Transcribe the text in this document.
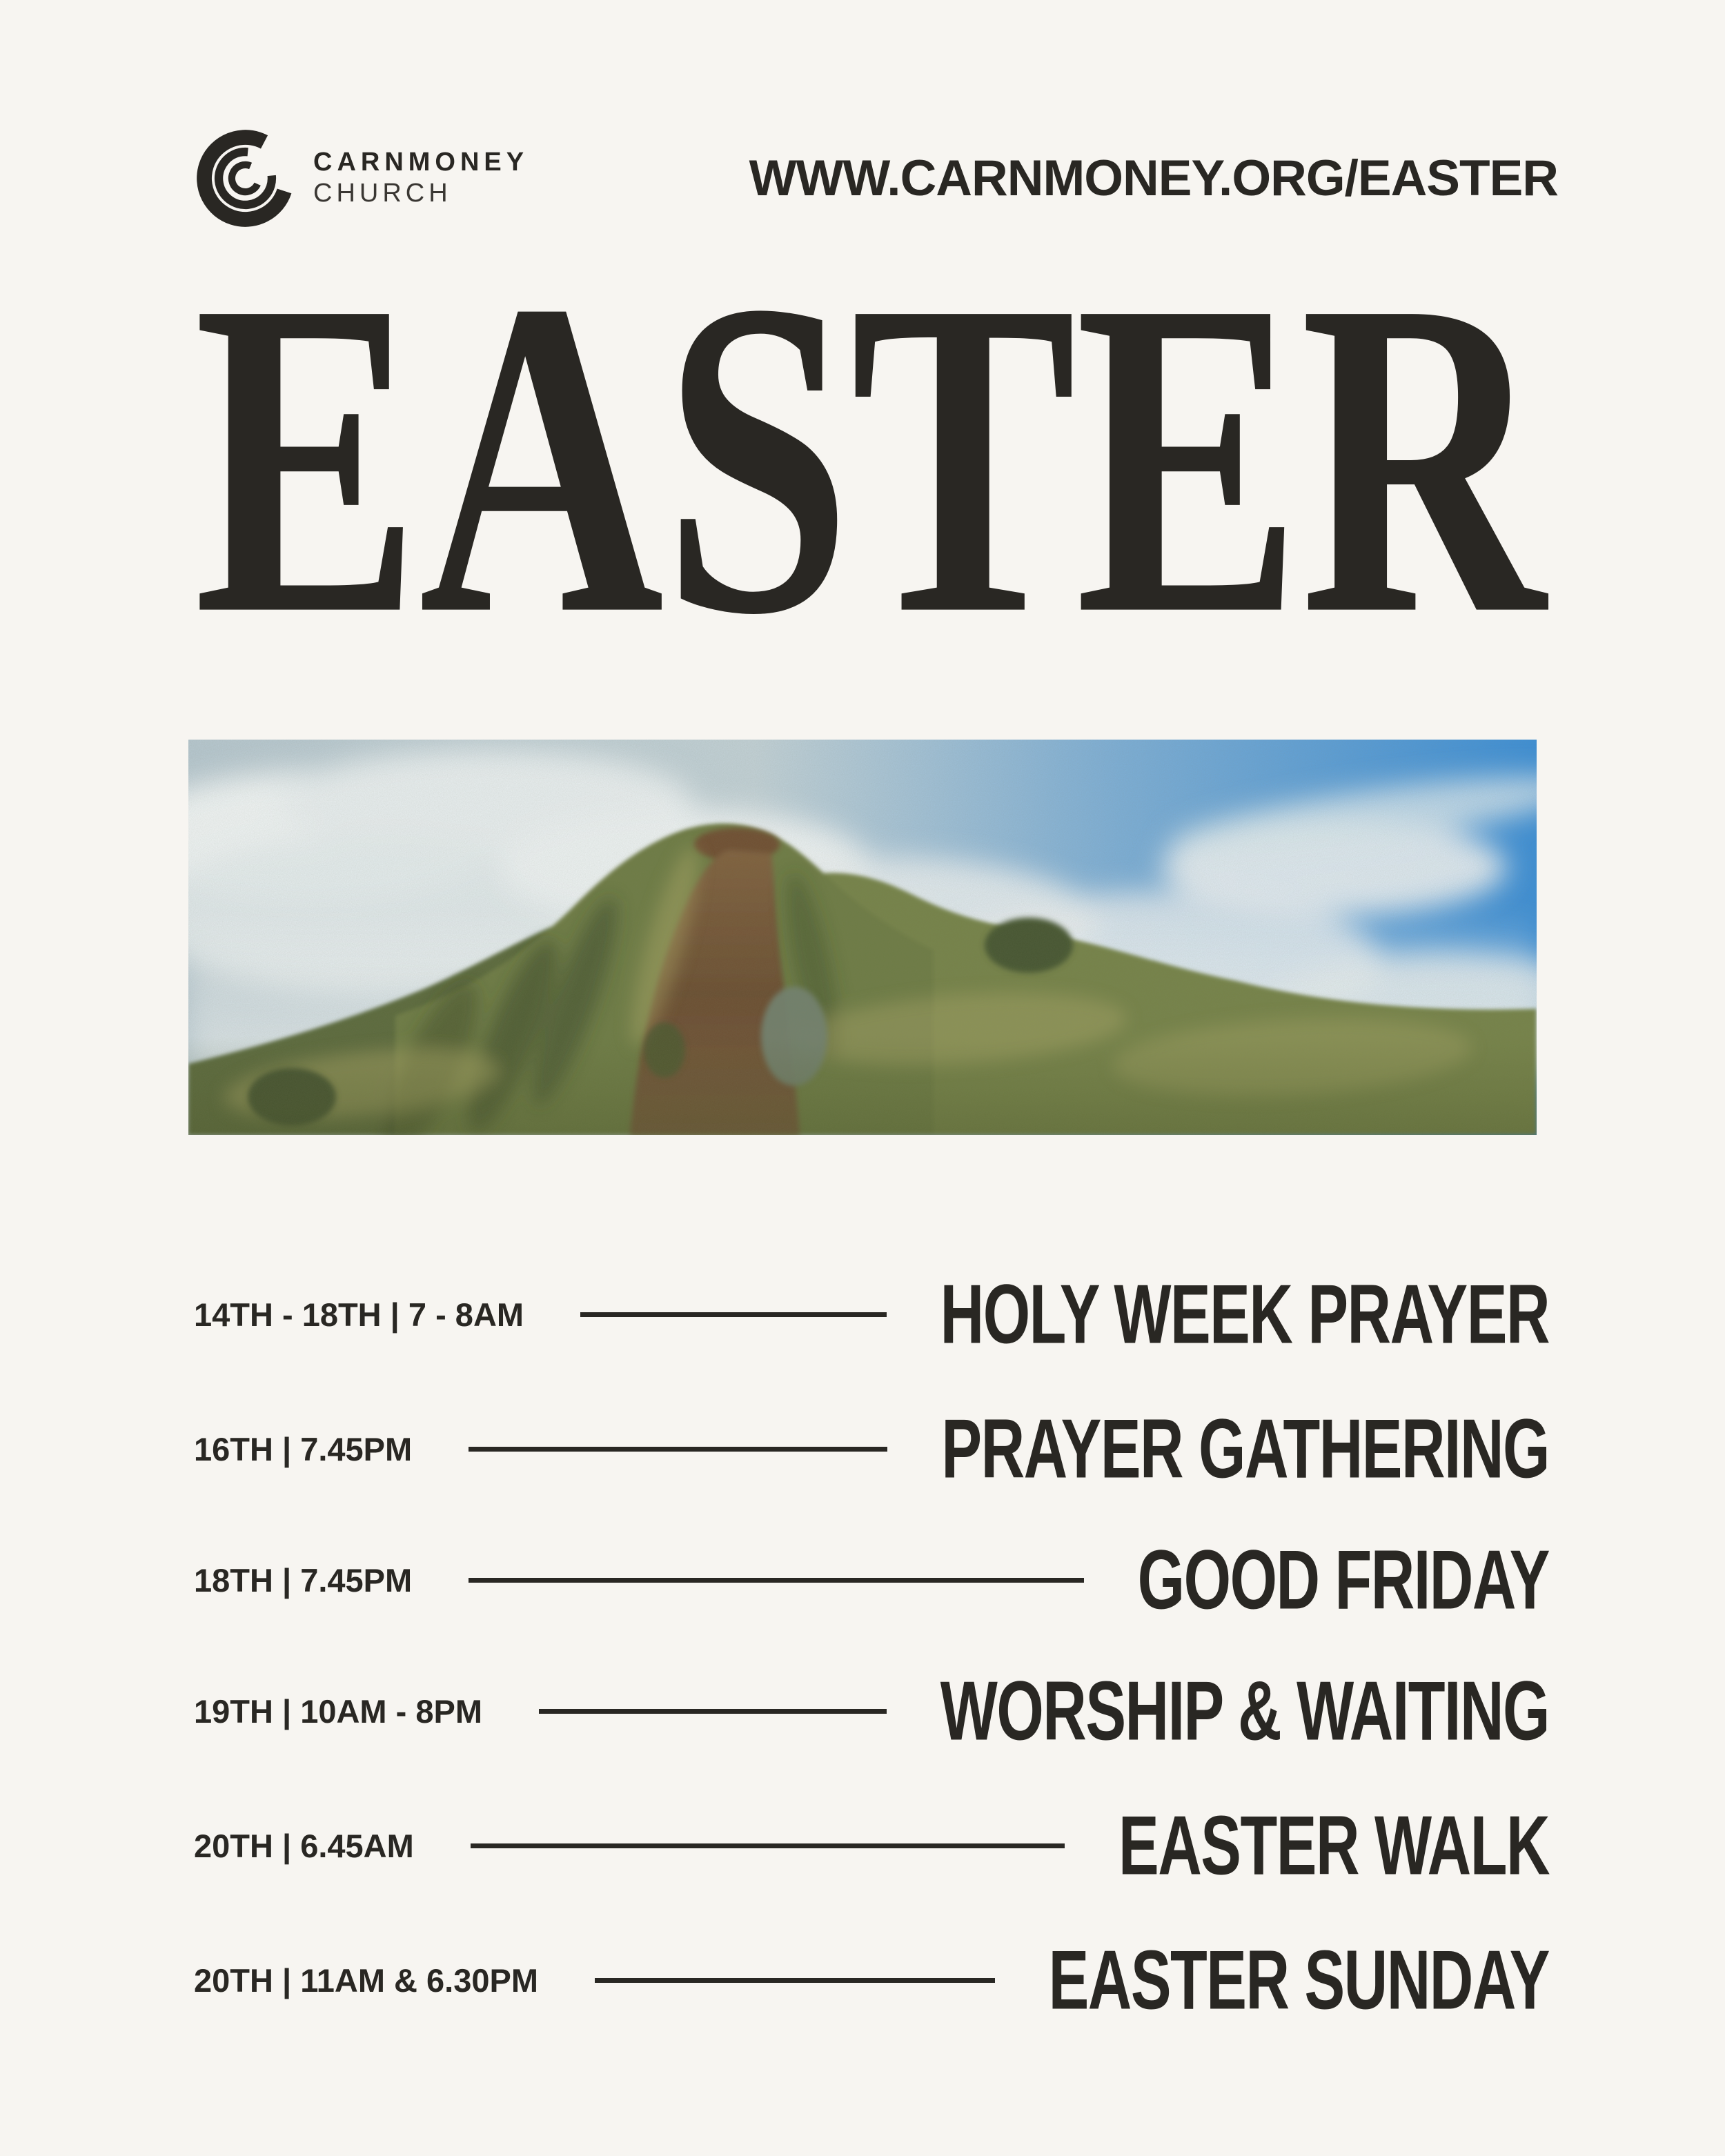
CARNMONEY
CHURCH	WWW.CARNMONEY.ORG/EASTER
EASTER
14TH - 18TH | 7 - 8AM	HOLY WEEK PRAYER
16TH | 7.45PM	PRAYER GATHERING
18TH | 7.45PM	GOOD FRIDAY
19TH | 10AM - 8PM	WORSHIP & WAITING
20TH | 6.45AM	EASTER WALK
20TH | 11AM & 6.30PM	EASTER SUNDAY
